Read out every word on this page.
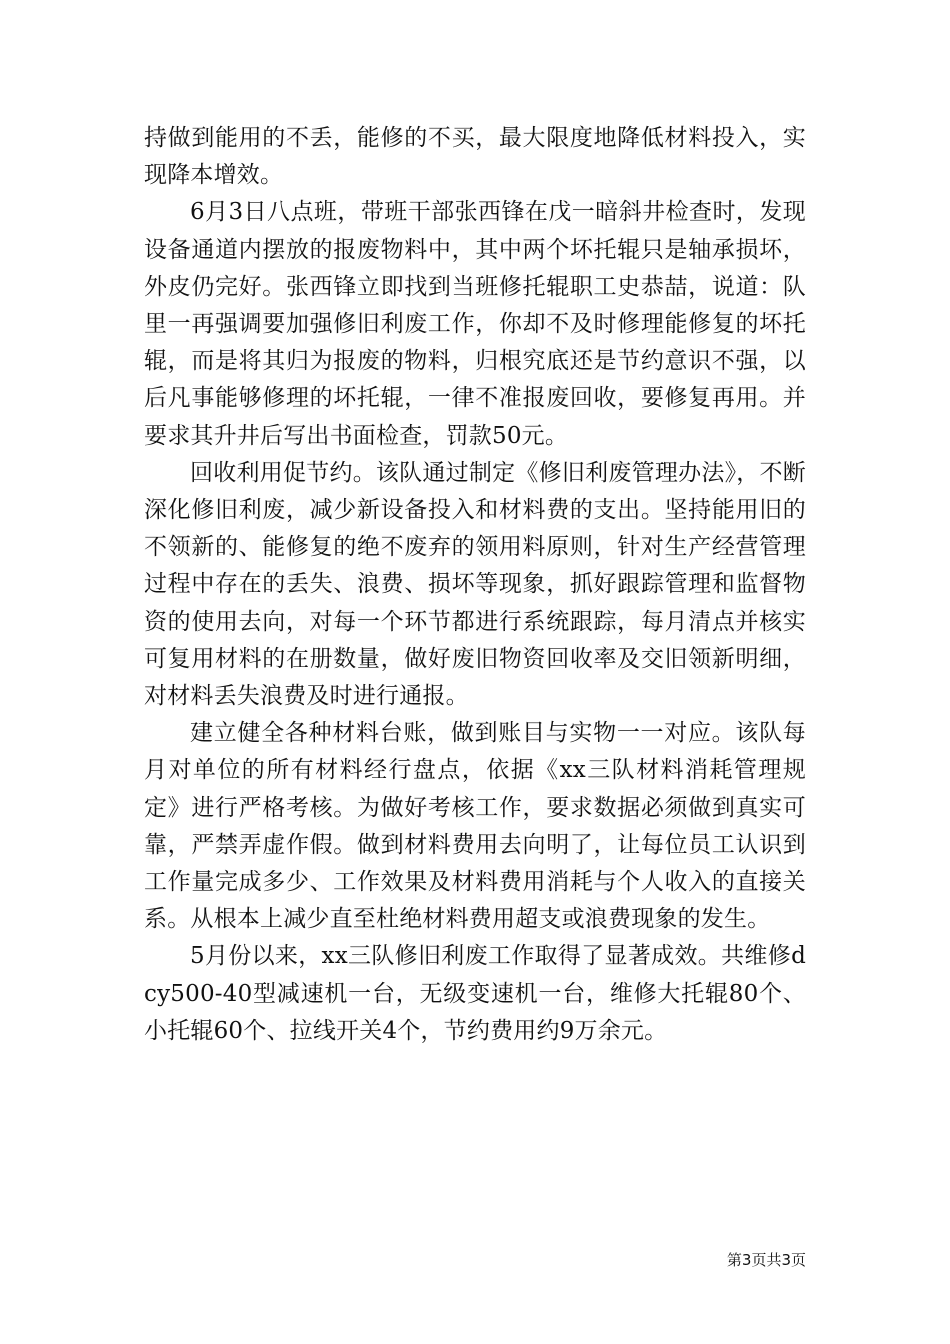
持做到能用的不丢，能修的不买，最大限度地降低材料投入，实现降本增效。

6月3日八点班，带班干部张西锋在戊一暗斜井检查时，发现设备通道内摆放的报废物料中，其中两个坏托辊只是轴承损坏，外皮仍完好。张西锋立即找到当班修托辊职工史恭喆，说道：队里一再强调要加强修旧利废工作，你却不及时修理能修复的坏托辊，而是将其归为报废的物料，归根究底还是节约意识不强，以后凡事能够修理的坏托辊，一律不准报废回收，要修复再用。并要求其升井后写出书面检查，罚款50元。

回收利用促节约。该队通过制定《修旧利废管理办法》，不断深化修旧利废，减少新设备投入和材料费的支出。坚持能用旧的不领新的、能修复的绝不废弃的领用料原则，针对生产经营管理过程中存在的丢失、浪费、损坏等现象，抓好跟踪管理和监督物资的使用去向，对每一个环节都进行系统跟踪，每月清点并核实可复用材料的在册数量，做好废旧物资回收率及交旧领新明细，对材料丢失浪费及时进行通报。

建立健全各种材料台账，做到账目与实物一一对应。该队每月对单位的所有材料经行盘点，依据《xx三队材料消耗管理规定》进行严格考核。为做好考核工作，要求数据必须做到真实可靠，严禁弄虚作假。做到材料费用去向明了，让每位员工认识到工作量完成多少、工作效果及材料费用消耗与个人收入的直接关系。从根本上减少直至杜绝材料费用超支或浪费现象的发生。

5月份以来，xx三队修旧利废工作取得了显著成效。共维修dcy500-40型减速机一台，无级变速机一台，维修大托辊80个、小托辊60个、拉线开关4个，节约费用约9万余元。

第3页共3页
